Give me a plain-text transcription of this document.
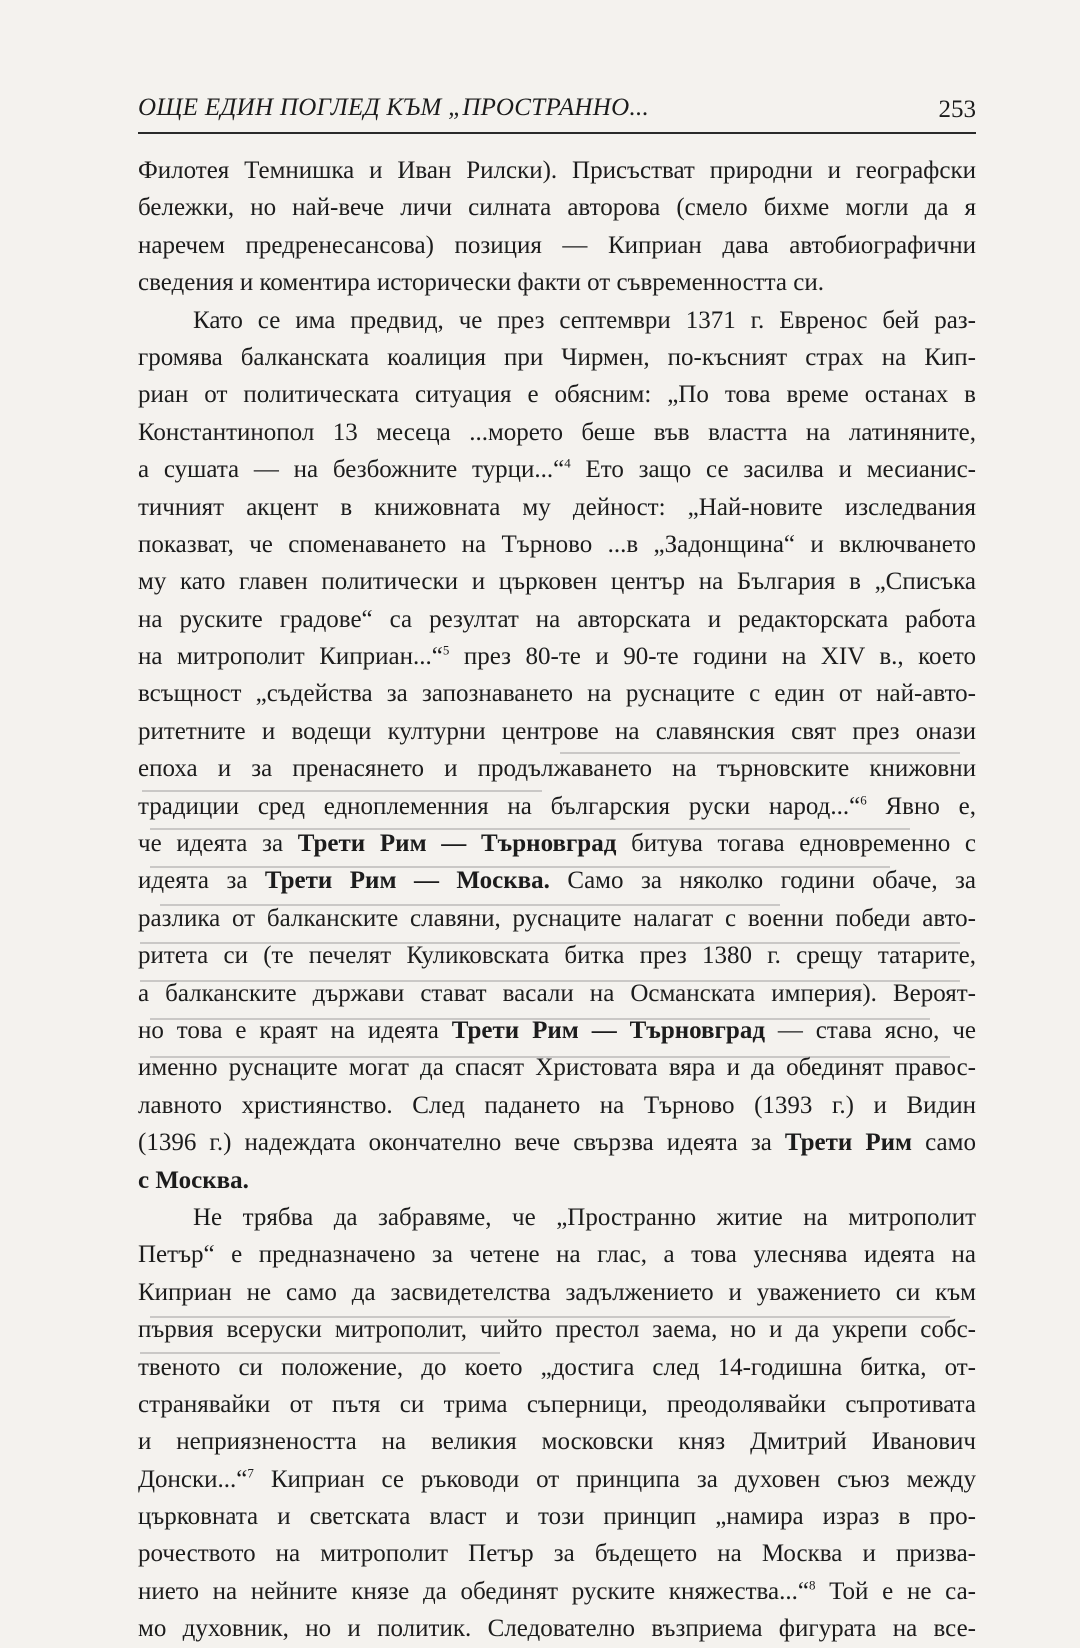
ОЩЕ ЕДИН ПОГЛЕД КЪМ „ПРОСТРАННО...	253
Филотея Темнишка и Иван Рилски). Присъстват природни и географски
бележки, но най-вече личи силната авторова (смело бихме могли да я
наречем предренесансова) позиция — Киприан дава автобиографични
сведения и коментира исторически факти от съвременността си.
Като се има предвид, че през септември 1371 г. Евренос бей раз-
громява балканската коалиция при Чирмен, по-късният страх на Кип-
риан от политическата ситуация е обясним: „По това време останах в
Константинопол 13 месеца ...морето беше във властта на латиняните,
а сушата — на безбожните турци...“$^4$ Ето защо се засилва и месианис-
тичният акцент в книжовната му дейност: „Най-новите изследвания
показват, че споменаването на Търново ...в „Задонщина“ и включването
му като главен политически и църковен център на България в „Списъка
на руските градове“ са резултат на авторската и редакторската работа
на митрополит Киприан...“$^5$ през 80-те и 90-те години на XIV в., което
всъщност „съдейства за запознаването на руснаците с един от най-авто-
ритетните и водещи културни центрове на славянския свят през онази
епоха и за пренасянето и продължаването на търновските книжовни
традиции сред едноплеменния на българския руски народ...“$^6$ Явно е,
че идеята за Трети Рим — Търновград битува тогава едновременно с
идеята за Трети Рим — Москва. Само за няколко години обаче, за
разлика от балканските славяни, руснаците налагат с военни победи авто-
ритета си (те печелят Куликовската битка през 1380 г. срещу татарите,
а балканските държави стават васали на Османската империя). Вероят-
но това е краят на идеята Трети Рим — Търновград — става ясно, че
именно руснаците могат да спасят Христовата вяра и да обединят правос-
лавното християнство. След падането на Търново (1393 г.) и Видин
(1396 г.) надеждата окончателно вече свързва идеята за Трети Рим само
с Москва.
Не трябва да забравяме, че „Пространно житие на митрополит
Петър“ е предназначено за четене на глас, а това улеснява идеята на
Киприан не само да засвидетелства задължението и уважението си към
първия всеруски митрополит, чийто престол заема, но и да укрепи собс-
твеното си положение, до което „достига след 14-годишна битка, от-
странявайки от пътя си трима съперници, преодолявайки съпротивата
и неприязнеността на великия московски княз Дмитрий Иванович
Донски...“$^7$ Киприан се ръководи от принципа за духовен съюз между
църковната и светската власт и този принцип „намира израз в про-
рочеството на митрополит Петър за бъдещето на Москва и призва-
нието на нейните князе да обединят руските княжества...“$^8$ Той е не са-
мо духовник, но и политик. Следователно възприема фигурата на все-
